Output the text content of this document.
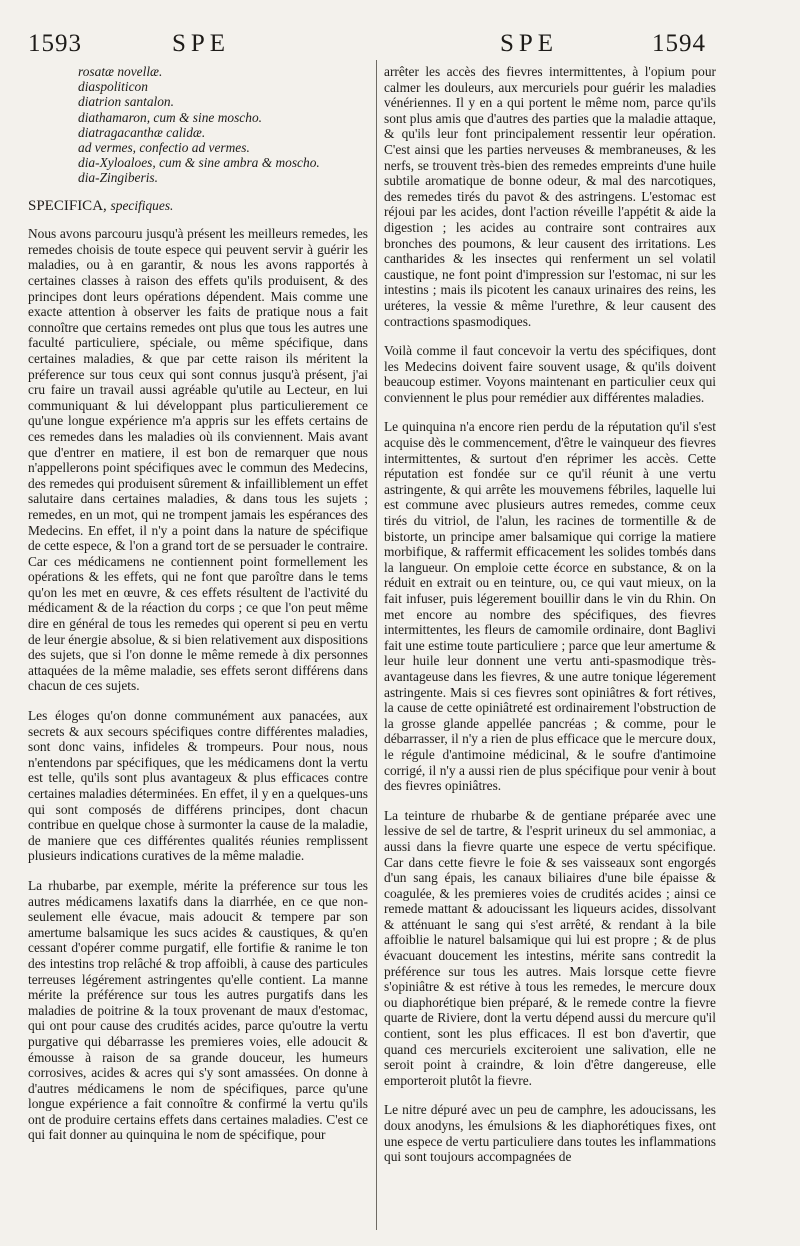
1593	SPE	SPE	1594
rosatæ novellæ.
diaspoliticon
diatrion santalon.
diathamaron, cum & sine moscho.
diatragacanthæ calidæ.
ad vermes, confectio ad vermes.
dia-Xyloaloes, cum & sine ambra & moscho.
dia-Zingiberis.
SPECIFICA, specifiques.

Nous avons parcouru jusqu'à présent les meilleurs remedes, les remedes choisis de toute espece qui peuvent servir à guérir les maladies, ou à en garantir, & nous les avons rapportés à certaines classes à raison des effets qu'ils produisent, & des principes dont leurs opérations dépendent. Mais comme une exacte attention à observer les faits de pratique nous a fait connoître que certains remedes ont plus que tous les autres une faculté particuliere, spéciale, ou même spécifique, dans certaines maladies, & que par cette raison ils méritent la préference sur tous ceux qui sont connus jusqu'à présent, j'ai cru faire un travail aussi agréable qu'utile au Lecteur, en lui communiquant & lui développant plus particulierement ce qu'une longue expérience m'a appris sur les effets certains de ces remedes dans les maladies où ils conviennent. Mais avant que d'entrer en matiere, il est bon de remarquer que nous n'appellerons point spécifiques avec le commun des Medecins, des remedes qui produisent sûrement & infailliblement un effet salutaire dans certaines maladies, & dans tous les sujets ; remedes, en un mot, qui ne trompent jamais les espérances des Medecins. En effet, il n'y a point dans la nature de spécifique de cette espece, & l'on a grand tort de se persuader le contraire. Car ces médicamens ne contiennent point formellement les opérations & les effets, qui ne font que paroître dans le tems qu'on les met en œuvre, & ces effets résultent de l'activité du médicament & de la réaction du corps ; ce que l'on peut même dire en général de tous les remedes qui operent si peu en vertu de leur énergie absolue, & si bien relativement aux dispositions des sujets, que si l'on donne le même remede à dix personnes attaquées de la même maladie, ses effets seront différens dans chacun de ces sujets.

Les éloges qu'on donne communément aux panacées, aux secrets & aux secours spécifiques contre différentes maladies, sont donc vains, infideles & trompeurs. Pour nous, nous n'entendons par spécifiques, que les médicamens dont la vertu est telle, qu'ils sont plus avantageux & plus efficaces contre certaines maladies déterminées. En effet, il y en a quelques-uns qui sont composés de différens principes, dont chacun contribue en quelque chose à surmonter la cause de la maladie, de maniere que ces différentes qualités réunies remplissent plusieurs indications curatives de la même maladie.

La rhubarbe, par exemple, mérite la préference sur tous les autres médicamens laxatifs dans la diarrhée, en ce que non-seulement elle évacue, mais adoucit & tempere par son amertume balsamique les sucs acides & caustiques, & qu'en cessant d'opérer comme purgatif, elle fortifie & ranime le ton des intestins trop relâché & trop affoibli, à cause des particules terreuses légérement astringentes qu'elle contient. La manne mérite la préférence sur tous les autres purgatifs dans les maladies de poitrine & la toux provenant de maux d'estomac, qui ont pour cause des crudités acides, parce qu'outre la vertu purgative qui débarrasse les premieres voies, elle adoucit & émousse à raison de sa grande douceur, les humeurs corrosives, acides & acres qui s'y sont amassées. On donne à d'autres médicamens le nom de spécifiques, parce qu'une longue expérience a fait connoître & confirmé la vertu qu'ils ont de produire certains effets dans certaines maladies. C'est ce qui fait donner au quinquina le nom de spécifique, pour

arrêter les accès des fievres intermittentes, à l'opium pour calmer les douleurs, aux mercuriels pour guérir les maladies vénériennes. Il y en a qui portent le même nom, parce qu'ils sont plus amis que d'autres des parties que la maladie attaque, & qu'ils leur font principalement ressentir leur opération. C'est ainsi que les parties nerveuses & membraneuses, & les nerfs, se trouvent très-bien des remedes empreints d'une huile subtile aromatique de bonne odeur, & mal des narcotiques, des remedes tirés du pavot & des astringens. L'estomac est réjoui par les acides, dont l'action réveille l'appétit & aide la digestion ; les acides au contraire sont contraires aux bronches des poumons, & leur causent des irritations. Les cantharides & les insectes qui renferment un sel volatil caustique, ne font point d'impression sur l'estomac, ni sur les intestins ; mais ils picotent les canaux urinaires des reins, les uréteres, la vessie & même l'urethre, & leur causent des contractions spasmodiques.

Voilà comme il faut concevoir la vertu des spécifiques, dont les Medecins doivent faire souvent usage, & qu'ils doivent beaucoup estimer. Voyons maintenant en particulier ceux qui conviennent le plus pour remédier aux différentes maladies.

Le quinquina n'a encore rien perdu de la réputation qu'il s'est acquise dès le commencement, d'être le vainqueur des fievres intermittentes, & surtout d'en réprimer les accès. Cette réputation est fondée sur ce qu'il réunit à une vertu astringente, & qui arrête les mouvemens fébriles, laquelle lui est commune avec plusieurs autres remedes, comme ceux tirés du vitriol, de l'alun, les racines de tormentille & de bistorte, un principe amer balsamique qui corrige la matiere morbifique, & raffermit efficacement les solides tombés dans la langueur. On emploie cette écorce en substance, & on la réduit en extrait ou en teinture, ou, ce qui vaut mieux, on la fait infuser, puis légerement bouillir dans le vin du Rhin. On met encore au nombre des spécifiques, des fievres intermittentes, les fleurs de camomile ordinaire, dont Baglivi fait une estime toute particuliere ; parce que leur amertume & leur huile leur donnent une vertu anti-spasmodique très-avantageuse dans les fievres, & une autre tonique légerement astringente. Mais si ces fievres sont opiniâtres & fort rétives, la cause de cette opiniâtreté est ordinairement l'obstruction de la grosse glande appellée pancréas ; & comme, pour le débarrasser, il n'y a rien de plus efficace que le mercure doux, le régule d'antimoine médicinal, & le soufre d'antimoine corrigé, il n'y a aussi rien de plus spécifique pour venir à bout des fievres opiniâtres.

La teinture de rhubarbe & de gentiane préparée avec une lessive de sel de tartre, & l'esprit urineux du sel ammoniac, a aussi dans la fievre quarte une espece de vertu spécifique. Car dans cette fievre le foie & ses vaisseaux sont engorgés d'un sang épais, les canaux biliaires d'une bile épaisse & coagulée, & les premieres voies de crudités acides ; ainsi ce remede mattant & adoucissant les liqueurs acides, dissolvant & atténuant le sang qui s'est arrêté, & rendant à la bile affoiblie le naturel balsamique qui lui est propre ; & de plus évacuant doucement les intestins, mérite sans contredit la préférence sur tous les autres. Mais lorsque cette fievre s'opiniâtre & est rétive à tous les remedes, le mercure doux ou diaphorétique bien préparé, & le remede contre la fievre quarte de Riviere, dont la vertu dépend aussi du mercure qu'il contient, sont les plus efficaces. Il est bon d'avertir, que quand ces mercuriels exciteroient une salivation, elle ne seroit point à craindre, & loin d'être dangereuse, elle emporteroit plutôt la fievre.

Le nitre dépuré avec un peu de camphre, les adoucissans, les doux anodyns, les émulsions & les diaphorétiques fixes, ont une espece de vertu particuliere dans toutes les inflammations qui sont toujours accompagnées de
